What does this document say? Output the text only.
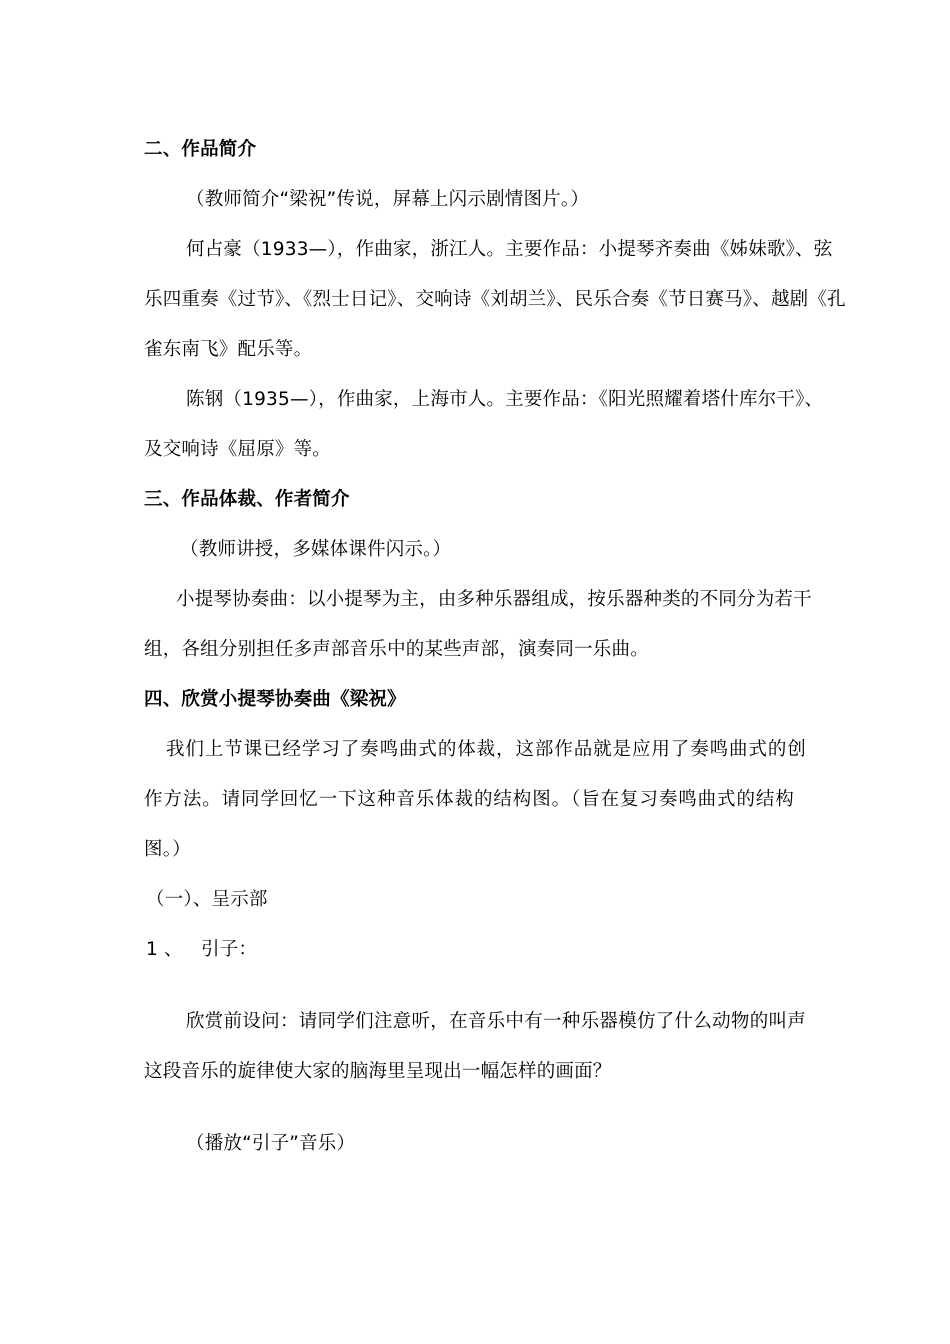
二、作品简介
（教师简介“梁祝”传说，屏幕上闪示剧情图片。）
何占豪（1933—），作曲家，浙江人。主要作品：小提琴齐奏曲《姊妹歌》、弦
乐四重奏《过节》、《烈士日记》、交响诗《刘胡兰》、民乐合奏《节日赛马》、越剧《孔
雀东南飞》配乐等。
陈钢（1935—），作曲家，上海市人。主要作品：《阳光照耀着塔什库尔干》、
及交响诗《屈原》等。
三、作品体裁、作者简介
（教师讲授，多媒体课件闪示。）
小提琴协奏曲：以小提琴为主，由多种乐器组成，按乐器种类的不同分为若干
组，各组分别担任多声部音乐中的某些声部，演奏同一乐曲。
四、欣赏小提琴协奏曲《梁祝》
我们上节课已经学习了奏鸣曲式的体裁，这部作品就是应用了奏鸣曲式的创
作方法。请同学回忆一下这种音乐体裁的结构图。（旨在复习奏鸣曲式的结构
图。）
（一）、呈示部
1 、   引子：
欣赏前设问：请同学们注意听，在音乐中有一种乐器模仿了什么动物的叫声
这段音乐的旋律使大家的脑海里呈现出一幅怎样的画面？
（播放“引子”音乐）
